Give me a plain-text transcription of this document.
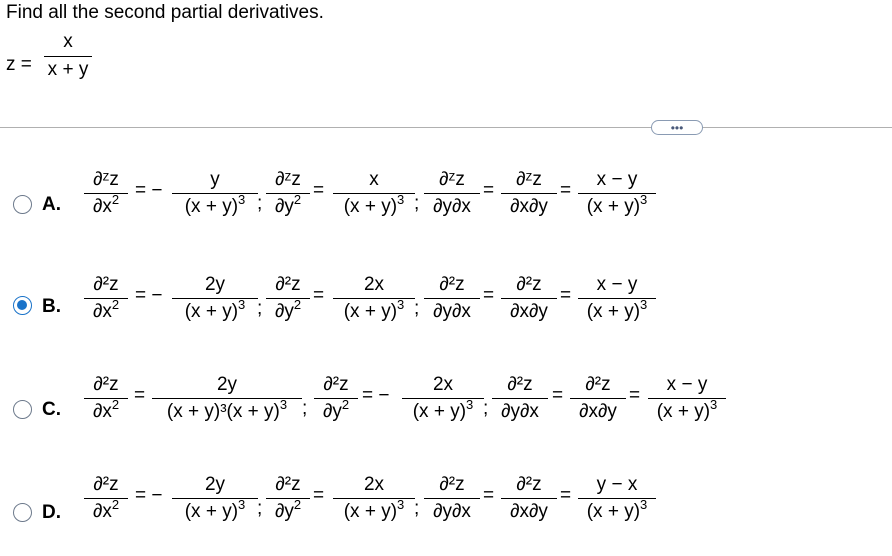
Find all the second partial derivatives.
z =
x
x + y
•••
A.
∂ᶻz
$\partial x^2$ = −
y
$(x + y)^3$ ;
∂ᶻz
$\partial y^2$ =
x
$(x + y)^3$ ;
∂ᶻz
∂y∂x
=
∂ᶻz
∂x∂y
=
x − y
$(x + y)^3$
B.
∂²z
$\partial x^2$ = −
2y
$(x + y)^3$ ;
∂²z
$\partial y^2$ =
2x
$(x + y)^3$ ;
∂²z
∂y∂x
=
∂²z
∂x∂y
=
x − y
$(x + y)^3$
C.
∂²z
$\partial x^2$ =
2y
$(x + y)^3(x + y)^3$ ;
∂²z
$\partial y^2$ = −
2x
$(x + y)^3$ ;
∂²z
∂y∂x
=
∂²z
∂x∂y
=
x − y
$(x + y)^3$
D.
∂²z
$\partial x^2$ = −
2y
$(x + y)^3$ ;
∂²z
$\partial y^2$ =
2x
$(x + y)^3$ ;
∂²z
∂y∂x
=
∂²z
∂x∂y
=
y − x
$(x + y)^3$
